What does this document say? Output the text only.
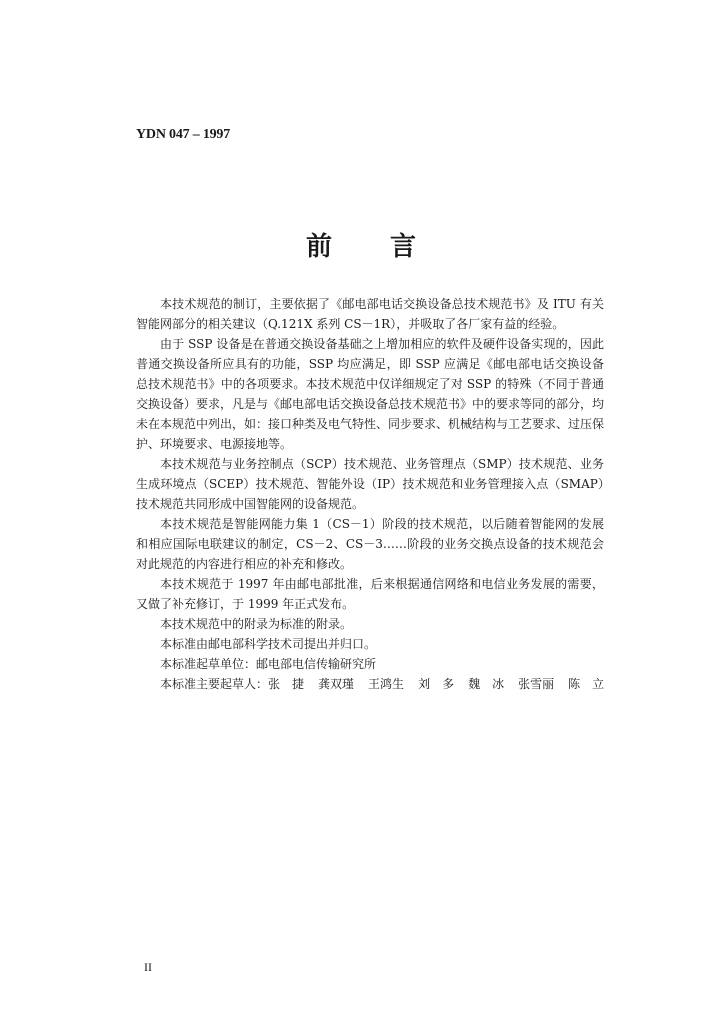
YDN 047 – 1997
前 言

本技术规范的制订，主要依据了《邮电部电话交换设备总技术规范书》及 ITU 有关智能网部分的相关建议（Q.121X 系列 CS－1R），并吸取了各厂家有益的经验。

由于 SSP 设备是在普通交换设备基础之上增加相应的软件及硬件设备实现的，因此普通交换设备所应具有的功能，SSP 均应满足，即 SSP 应满足《邮电部电话交换设备总技术规范书》中的各项要求。本技术规范中仅详细规定了对 SSP 的特殊（不同于普通交换设备）要求，凡是与《邮电部电话交换设备总技术规范书》中的要求等同的部分，均未在本规范中列出，如：接口种类及电气特性、同步要求、机械结构与工艺要求、过压保护、环境要求、电源接地等。

本技术规范与业务控制点（SCP）技术规范、业务管理点（SMP）技术规范、业务生成环境点（SCEP）技术规范、智能外设（IP）技术规范和业务管理接入点（SMAP）技术规范共同形成中国智能网的设备规范。

本技术规范是智能网能力集 1（CS－1）阶段的技术规范，以后随着智能网的发展和相应国际电联建议的制定，CS－2、CS－3……阶段的业务交换点设备的技术规范会对此规范的内容进行相应的补充和修改。

本技术规范于 1997 年由邮电部批准，后来根据通信网络和电信业务发展的需要，又做了补充修订，于 1999 年正式发布。

本技术规范中的附录为标准的附录。

本标准由邮电部科学技术司提出并归口。

本标准起草单位：邮电部电信传输研究所

本标准主要起草人：张　捷 龚双瑾 王鸿生 刘　多 魏　冰 张雪丽 陈　立

II
